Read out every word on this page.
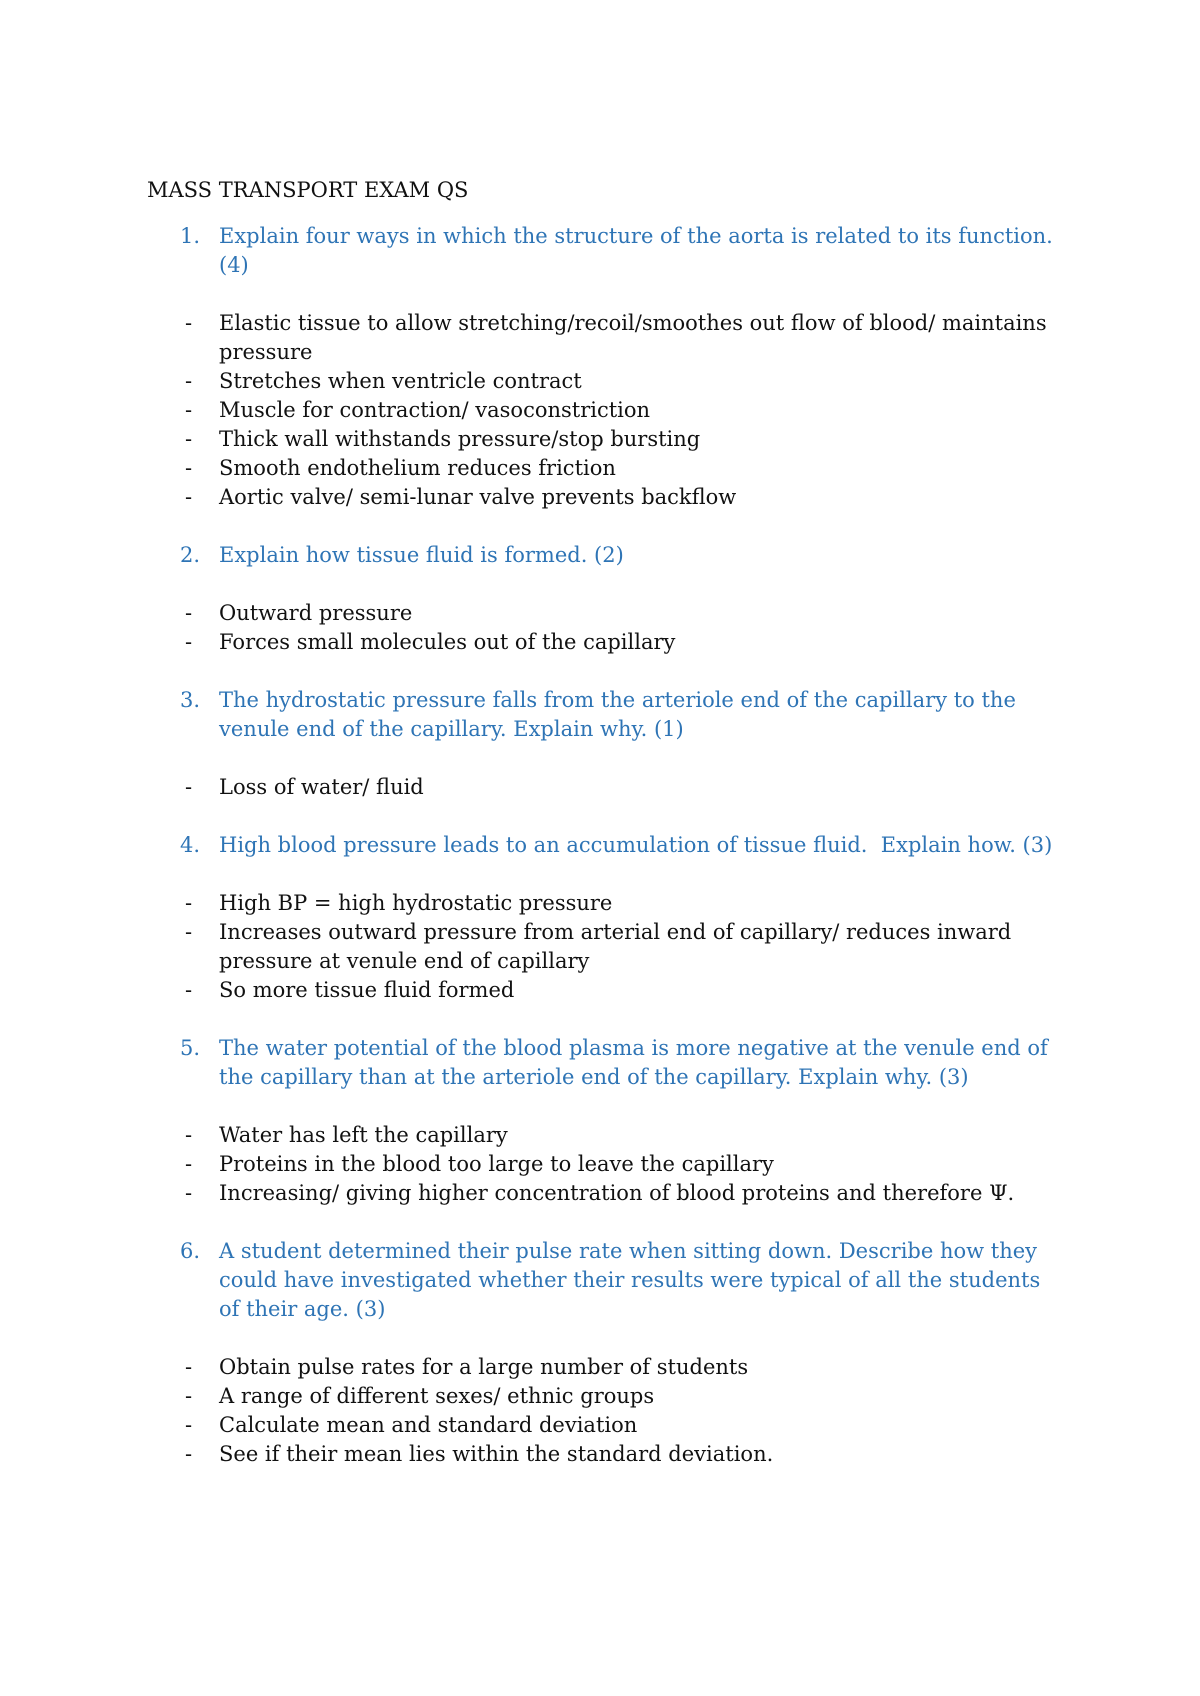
MASS TRANSPORT EXAM QS
1. Explain four ways in which the structure of the aorta is related to its function. (4)
-	Elastic tissue to allow stretching/recoil/smoothes out flow of blood/ maintains pressure
-	Stretches when ventricle contract
-	Muscle for contraction/ vasoconstriction
-	Thick wall withstands pressure/stop bursting
-	Smooth endothelium reduces friction
-	Aortic valve/ semi-lunar valve prevents backflow
2. Explain how tissue fluid is formed. (2)
-	Outward pressure
-	Forces small molecules out of the capillary
3. The hydrostatic pressure falls from the arteriole end of the capillary to the venule end of the capillary. Explain why. (1)
-	Loss of water/ fluid
4. High blood pressure leads to an accumulation of tissue fluid.  Explain how. (3)
-	High BP = high hydrostatic pressure
-	Increases outward pressure from arterial end of capillary/ reduces inward pressure at venule end of capillary
-	So more tissue fluid formed
5. The water potential of the blood plasma is more negative at the venule end of the capillary than at the arteriole end of the capillary. Explain why. (3)
-	Water has left the capillary
-	Proteins in the blood too large to leave the capillary
-	Increasing/ giving higher concentration of blood proteins and therefore Ψ.
6. A student determined their pulse rate when sitting down. Describe how they could have investigated whether their results were typical of all the students of their age. (3)
-	Obtain pulse rates for a large number of students
-	A range of different sexes/ ethnic groups
-	Calculate mean and standard deviation
-	See if their mean lies within the standard deviation.
